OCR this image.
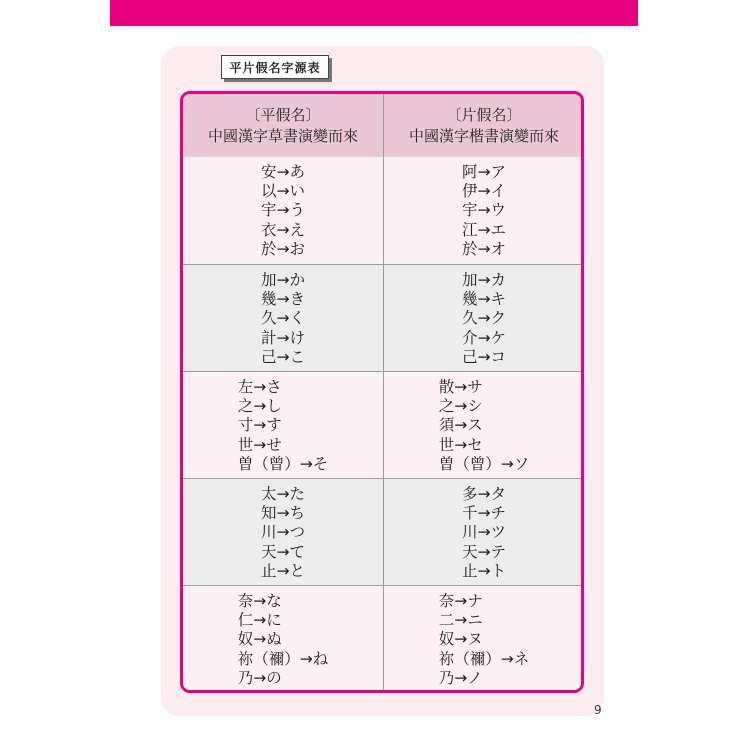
平片假名字源表
〔平假名〕
中國漢字草書演變而來
〔片假名〕
中國漢字楷書演變而來
安→あ
以→い
宇→う
衣→え
於→お
阿→ア
伊→イ
宇→ウ
江→エ
於→オ
加→か
幾→き
久→く
計→け
己→こ
加→カ
幾→キ
久→ク
介→ケ
己→コ
左→さ
之→し
寸→す
世→せ
曽（曾）→そ
散→サ
之→シ
須→ス
世→セ
曽（曾）→ソ
太→た
知→ち
川→つ
天→て
止→と
多→タ
千→チ
川→ツ
天→テ
止→ト
奈→な
仁→に
奴→ぬ
祢（禰）→ね
乃→の
奈→ナ
二→ニ
奴→ヌ
祢（禰）→ネ
乃→ノ
9
